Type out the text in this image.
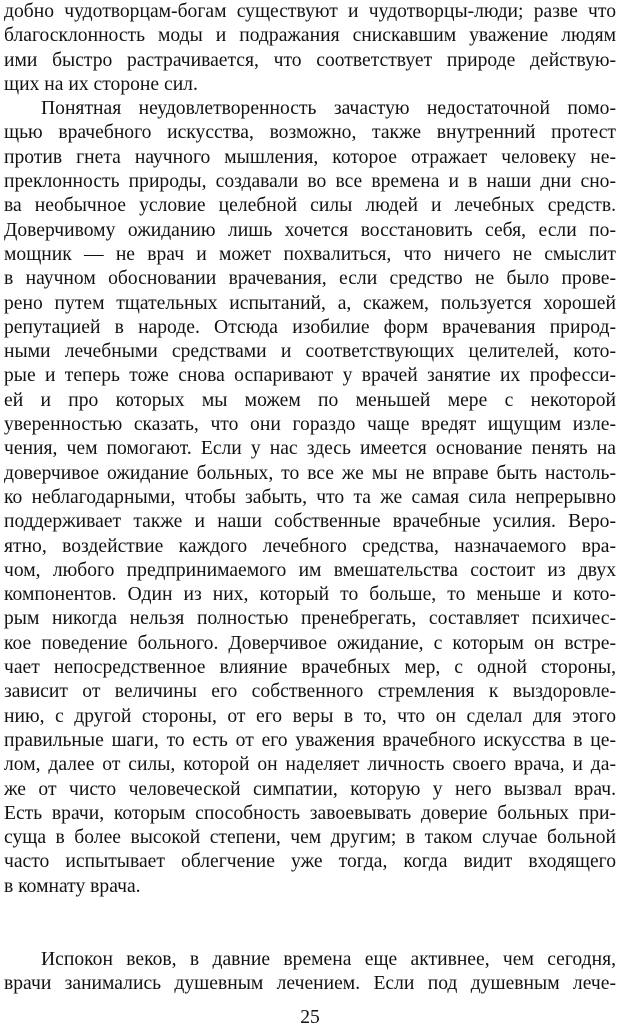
добно чудотворцам-богам существуют и чудотворцы-люди; разве что
благосклонность моды и подражания снискавшим уважение людям
ими быстро растрачивается, что соответствует природе действую-
щих на их стороне сил.
Понятная неудовлетворенность зачастую недостаточной помо-
щью врачебного искусства, возможно, также внутренний протест
против гнета научного мышления, которое отражает человеку не-
преклонность природы, создавали во все времена и в наши дни сно-
ва необычное условие целебной силы людей и лечебных средств.
Доверчивому ожиданию лишь хочется восстановить себя, если по-
мощник — не врач и может похвалиться, что ничего не смыслит
в научном обосновании врачевания, если средство не было прове-
рено путем тщательных испытаний, а, скажем, пользуется хорошей
репутацией в народе. Отсюда изобилие форм врачевания природ-
ными лечебными средствами и соответствующих целителей, кото-
рые и теперь тоже снова оспаривают у врачей занятие их професси-
ей и про которых мы можем по меньшей мере с некоторой
уверенностью сказать, что они гораздо чаще вредят ищущим изле-
чения, чем помогают. Если у нас здесь имеется основание пенять на
доверчивое ожидание больных, то все же мы не вправе быть настоль-
ко неблагодарными, чтобы забыть, что та же самая сила непрерывно
поддерживает также и наши собственные врачебные усилия. Веро-
ятно, воздействие каждого лечебного средства, назначаемого вра-
чом, любого предпринимаемого им вмешательства состоит из двух
компонентов. Один из них, который то больше, то меньше и кото-
рым никогда нельзя полностью пренебрегать, составляет психичес-
кое поведение больного. Доверчивое ожидание, с которым он встре-
чает непосредственное влияние врачебных мер, с одной стороны,
зависит от величины его собственного стремления к выздоровле-
нию, с другой стороны, от его веры в то, что он сделал для этого
правильные шаги, то есть от его уважения врачебного искусства в це-
лом, далее от силы, которой он наделяет личность своего врача, и да-
же от чисто человеческой симпатии, которую у него вызвал врач.
Есть врачи, которым способность завоевывать доверие больных при-
суща в более высокой степени, чем другим; в таком случае больной
часто испытывает облегчение уже тогда, когда видит входящего
в комнату врача.
Испокон веков, в давние времена еще активнее, чем сегодня,
врачи занимались душевным лечением. Если под душевным лече-
25
